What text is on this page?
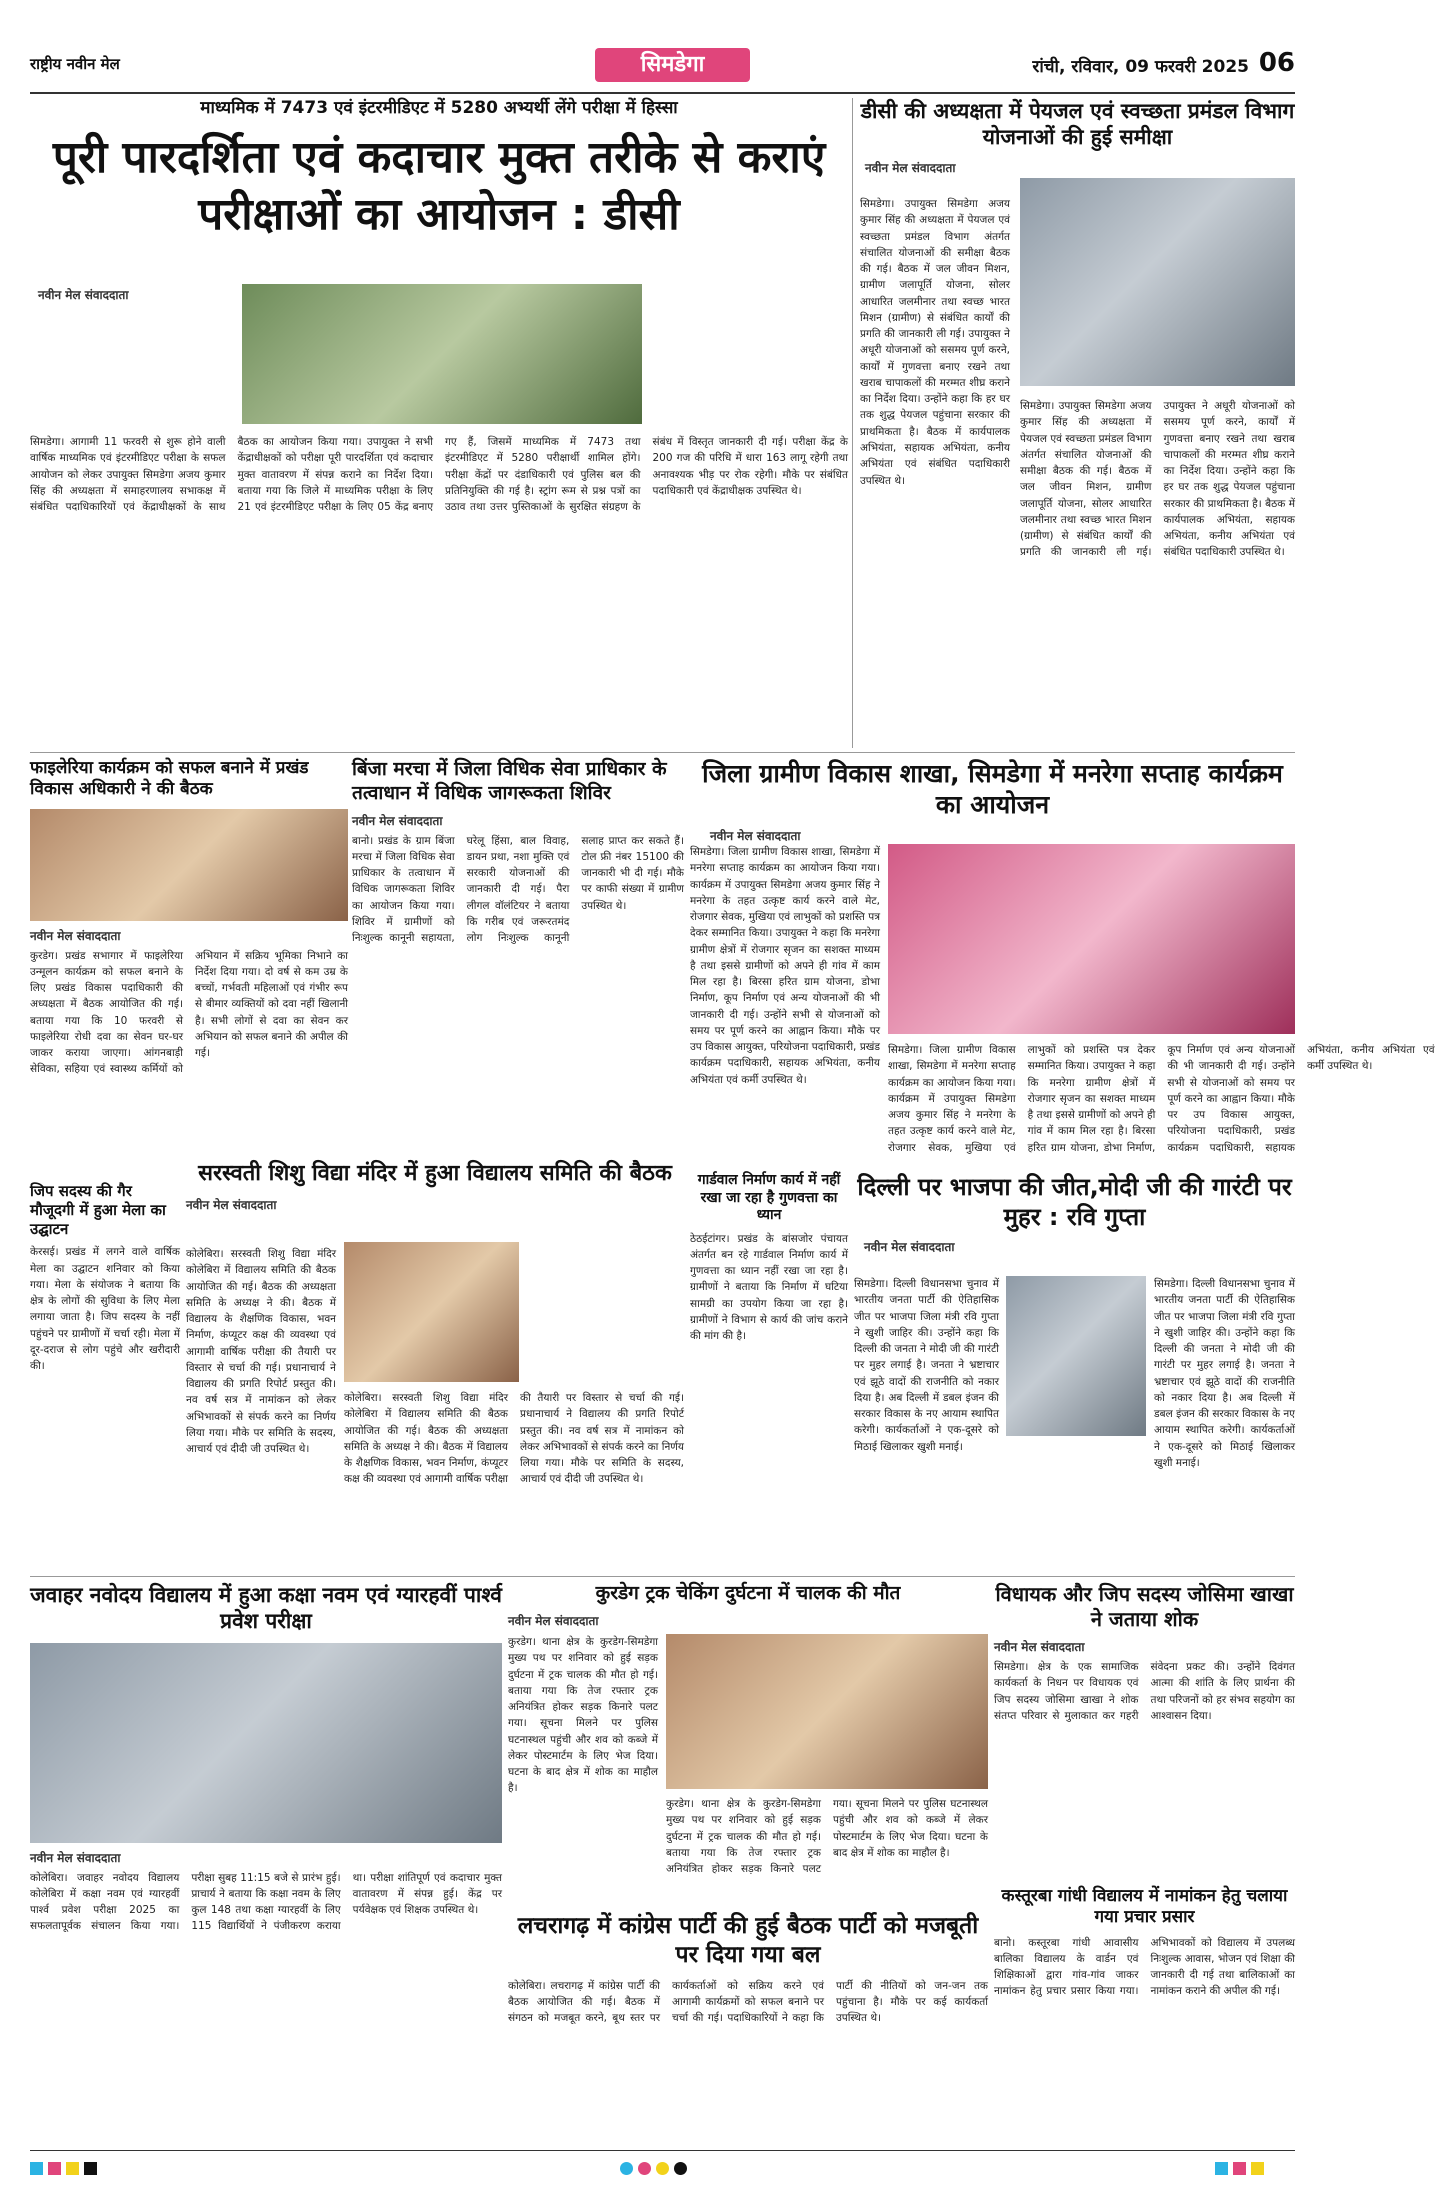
राष्ट्रीय नवीन मेल	सिमडेगा	रांची, रविवार, 09 फरवरी 2025 06
माध्यमिक में 7473 एवं इंटरमीडिएट में 5280 अभ्यर्थी लेंगे परीक्षा में हिस्सा
पूरी पारदर्शिता एवं कदाचार मुक्त तरीके से कराएं परीक्षाओं का आयोजन : डीसी
नवीन मेल संवाददाता
सिमडेगा। आगामी 11 फरवरी से शुरू होने वाली वार्षिक माध्यमिक एवं इंटरमीडिएट परीक्षा के सफल आयोजन को लेकर उपायुक्त सिमडेगा अजय कुमार सिंह की अध्यक्षता में समाहरणालय सभाकक्ष में संबंधित पदाधिकारियों एवं केंद्राधीक्षकों के साथ बैठक का आयोजन किया गया। उपायुक्त ने सभी केंद्राधीक्षकों को परीक्षा पूरी पारदर्शिता एवं कदाचार मुक्त वातावरण में संपन्न कराने का निर्देश दिया। बताया गया कि जिले में माध्यमिक परीक्षा के लिए 21 एवं इंटरमीडिएट परीक्षा के लिए 05 केंद्र बनाए गए हैं, जिसमें माध्यमिक में 7473 तथा इंटरमीडिएट में 5280 परीक्षार्थी शामिल होंगे। परीक्षा केंद्रों पर दंडाधिकारी एवं पुलिस बल की प्रतिनियुक्ति की गई है। स्ट्रांग रूम से प्रश्न पत्रों का उठाव तथा उत्तर पुस्तिकाओं के सुरक्षित संग्रहण के संबंध में विस्तृत जानकारी दी गई। परीक्षा केंद्र के 200 गज की परिधि में धारा 163 लागू रहेगी तथा अनावश्यक भीड़ पर रोक रहेगी। मौके पर संबंधित पदाधिकारी एवं केंद्राधीक्षक उपस्थित थे।
डीसी की अध्यक्षता में पेयजल एवं स्वच्छता प्रमंडल विभाग योजनाओं की हुई समीक्षा
नवीन मेल संवाददाता
सिमडेगा। उपायुक्त सिमडेगा अजय कुमार सिंह की अध्यक्षता में पेयजल एवं स्वच्छता प्रमंडल विभाग अंतर्गत संचालित योजनाओं की समीक्षा बैठक की गई। बैठक में जल जीवन मिशन, ग्रामीण जलापूर्ति योजना, सोलर आधारित जलमीनार तथा स्वच्छ भारत मिशन (ग्रामीण) से संबंधित कार्यों की प्रगति की जानकारी ली गई। उपायुक्त ने अधूरी योजनाओं को ससमय पूर्ण करने, कार्यों में गुणवत्ता बनाए रखने तथा खराब चापाकलों की मरम्मत शीघ्र कराने का निर्देश दिया। उन्होंने कहा कि हर घर तक शुद्ध पेयजल पहुंचाना सरकार की प्राथमिकता है। बैठक में कार्यपालक अभियंता, सहायक अभियंता, कनीय अभियंता एवं संबंधित पदाधिकारी उपस्थित थे।
सिमडेगा। उपायुक्त सिमडेगा अजय कुमार सिंह की अध्यक्षता में पेयजल एवं स्वच्छता प्रमंडल विभाग अंतर्गत संचालित योजनाओं की समीक्षा बैठक की गई। बैठक में जल जीवन मिशन, ग्रामीण जलापूर्ति योजना, सोलर आधारित जलमीनार तथा स्वच्छ भारत मिशन (ग्रामीण) से संबंधित कार्यों की प्रगति की जानकारी ली गई। उपायुक्त ने अधूरी योजनाओं को ससमय पूर्ण करने, कार्यों में गुणवत्ता बनाए रखने तथा खराब चापाकलों की मरम्मत शीघ्र कराने का निर्देश दिया। उन्होंने कहा कि हर घर तक शुद्ध पेयजल पहुंचाना सरकार की प्राथमिकता है। बैठक में कार्यपालक अभियंता, सहायक अभियंता, कनीय अभियंता एवं संबंधित पदाधिकारी उपस्थित थे।
फाइलेरिया कार्यक्रम को सफल बनाने में प्रखंड विकास अधिकारी ने की बैठक
नवीन मेल संवाददाता
कुरडेग। प्रखंड सभागार में फाइलेरिया उन्मूलन कार्यक्रम को सफल बनाने के लिए प्रखंड विकास पदाधिकारी की अध्यक्षता में बैठक आयोजित की गई। बताया गया कि 10 फरवरी से फाइलेरिया रोधी दवा का सेवन घर-घर जाकर कराया जाएगा। आंगनबाड़ी सेविका, सहिया एवं स्वास्थ्य कर्मियों को अभियान में सक्रिय भूमिका निभाने का निर्देश दिया गया। दो वर्ष से कम उम्र के बच्चों, गर्भवती महिलाओं एवं गंभीर रूप से बीमार व्यक्तियों को दवा नहीं खिलानी है। सभी लोगों से दवा का सेवन कर अभियान को सफल बनाने की अपील की गई।
जिप सदस्य की गैर मौजूदगी में हुआ मेला का उद्घाटन
केरसई। प्रखंड में लगने वाले वार्षिक मेला का उद्घाटन शनिवार को किया गया। मेला के संयोजक ने बताया कि क्षेत्र के लोगों की सुविधा के लिए मेला लगाया जाता है। जिप सदस्य के नहीं पहुंचने पर ग्रामीणों में चर्चा रही। मेला में दूर-दराज से लोग पहुंचे और खरीदारी की।
बिंजा मरचा में जिला विधिक सेवा प्राधिकार के तत्वाधान में विधिक जागरूकता शिविर
नवीन मेल संवाददाता
बानो। प्रखंड के ग्राम बिंजा मरचा में जिला विधिक सेवा प्राधिकार के तत्वाधान में विधिक जागरूकता शिविर का आयोजन किया गया। शिविर में ग्रामीणों को निःशुल्क कानूनी सहायता, घरेलू हिंसा, बाल विवाह, डायन प्रथा, नशा मुक्ति एवं सरकारी योजनाओं की जानकारी दी गई। पैरा लीगल वॉलंटियर ने बताया कि गरीब एवं जरूरतमंद लोग निःशुल्क कानूनी सलाह प्राप्त कर सकते हैं। टोल फ्री नंबर 15100 की जानकारी भी दी गई। मौके पर काफी संख्या में ग्रामीण उपस्थित थे।
जिला ग्रामीण विकास शाखा, सिमडेगा में मनरेगा सप्ताह कार्यक्रम का आयोजन
नवीन मेल संवाददाता
सिमडेगा। जिला ग्रामीण विकास शाखा, सिमडेगा में मनरेगा सप्ताह कार्यक्रम का आयोजन किया गया। कार्यक्रम में उपायुक्त सिमडेगा अजय कुमार सिंह ने मनरेगा के तहत उत्कृष्ट कार्य करने वाले मेट, रोजगार सेवक, मुखिया एवं लाभुकों को प्रशस्ति पत्र देकर सम्मानित किया। उपायुक्त ने कहा कि मनरेगा ग्रामीण क्षेत्रों में रोजगार सृजन का सशक्त माध्यम है तथा इससे ग्रामीणों को अपने ही गांव में काम मिल रहा है। बिरसा हरित ग्राम योजना, डोभा निर्माण, कूप निर्माण एवं अन्य योजनाओं की भी जानकारी दी गई। उन्होंने सभी से योजनाओं को समय पर पूर्ण करने का आह्वान किया। मौके पर उप विकास आयुक्त, परियोजना पदाधिकारी, प्रखंड कार्यक्रम पदाधिकारी, सहायक अभियंता, कनीय अभियंता एवं कर्मी उपस्थित थे।
सिमडेगा। जिला ग्रामीण विकास शाखा, सिमडेगा में मनरेगा सप्ताह कार्यक्रम का आयोजन किया गया। कार्यक्रम में उपायुक्त सिमडेगा अजय कुमार सिंह ने मनरेगा के तहत उत्कृष्ट कार्य करने वाले मेट, रोजगार सेवक, मुखिया एवं लाभुकों को प्रशस्ति पत्र देकर सम्मानित किया। उपायुक्त ने कहा कि मनरेगा ग्रामीण क्षेत्रों में रोजगार सृजन का सशक्त माध्यम है तथा इससे ग्रामीणों को अपने ही गांव में काम मिल रहा है। बिरसा हरित ग्राम योजना, डोभा निर्माण, कूप निर्माण एवं अन्य योजनाओं की भी जानकारी दी गई। उन्होंने सभी से योजनाओं को समय पर पूर्ण करने का आह्वान किया। मौके पर उप विकास आयुक्त, परियोजना पदाधिकारी, प्रखंड कार्यक्रम पदाधिकारी, सहायक अभियंता, कनीय अभियंता एवं कर्मी उपस्थित थे।
सरस्वती शिशु विद्या मंदिर में हुआ विद्यालय समिति की बैठक
नवीन मेल संवाददाता
कोलेबिरा। सरस्वती शिशु विद्या मंदिर कोलेबिरा में विद्यालय समिति की बैठक आयोजित की गई। बैठक की अध्यक्षता समिति के अध्यक्ष ने की। बैठक में विद्यालय के शैक्षणिक विकास, भवन निर्माण, कंप्यूटर कक्ष की व्यवस्था एवं आगामी वार्षिक परीक्षा की तैयारी पर विस्तार से चर्चा की गई। प्रधानाचार्य ने विद्यालय की प्रगति रिपोर्ट प्रस्तुत की। नव वर्ष सत्र में नामांकन को लेकर अभिभावकों से संपर्क करने का निर्णय लिया गया। मौके पर समिति के सदस्य, आचार्य एवं दीदी जी उपस्थित थे।
कोलेबिरा। सरस्वती शिशु विद्या मंदिर कोलेबिरा में विद्यालय समिति की बैठक आयोजित की गई। बैठक की अध्यक्षता समिति के अध्यक्ष ने की। बैठक में विद्यालय के शैक्षणिक विकास, भवन निर्माण, कंप्यूटर कक्ष की व्यवस्था एवं आगामी वार्षिक परीक्षा की तैयारी पर विस्तार से चर्चा की गई। प्रधानाचार्य ने विद्यालय की प्रगति रिपोर्ट प्रस्तुत की। नव वर्ष सत्र में नामांकन को लेकर अभिभावकों से संपर्क करने का निर्णय लिया गया। मौके पर समिति के सदस्य, आचार्य एवं दीदी जी उपस्थित थे।
गार्डवाल निर्माण कार्य में नहीं रखा जा रहा है गुणवत्ता का ध्यान
ठेठईटांगर। प्रखंड के बांसजोर पंचायत अंतर्गत बन रहे गार्डवाल निर्माण कार्य में गुणवत्ता का ध्यान नहीं रखा जा रहा है। ग्रामीणों ने बताया कि निर्माण में घटिया सामग्री का उपयोग किया जा रहा है। ग्रामीणों ने विभाग से कार्य की जांच कराने की मांग की है।
दिल्ली पर भाजपा की जीत,मोदी जी की गारंटी पर मुहर : रवि गुप्ता
नवीन मेल संवाददाता
सिमडेगा। दिल्ली विधानसभा चुनाव में भारतीय जनता पार्टी की ऐतिहासिक जीत पर भाजपा जिला मंत्री रवि गुप्ता ने खुशी जाहिर की। उन्होंने कहा कि दिल्ली की जनता ने मोदी जी की गारंटी पर मुहर लगाई है। जनता ने भ्रष्टाचार एवं झूठे वादों की राजनीति को नकार दिया है। अब दिल्ली में डबल इंजन की सरकार विकास के नए आयाम स्थापित करेगी। कार्यकर्ताओं ने एक-दूसरे को मिठाई खिलाकर खुशी मनाई।
सिमडेगा। दिल्ली विधानसभा चुनाव में भारतीय जनता पार्टी की ऐतिहासिक जीत पर भाजपा जिला मंत्री रवि गुप्ता ने खुशी जाहिर की। उन्होंने कहा कि दिल्ली की जनता ने मोदी जी की गारंटी पर मुहर लगाई है। जनता ने भ्रष्टाचार एवं झूठे वादों की राजनीति को नकार दिया है। अब दिल्ली में डबल इंजन की सरकार विकास के नए आयाम स्थापित करेगी। कार्यकर्ताओं ने एक-दूसरे को मिठाई खिलाकर खुशी मनाई।
जवाहर नवोदय विद्यालय में हुआ कक्षा नवम एवं ग्यारहवीं पार्श्व प्रवेश परीक्षा
नवीन मेल संवाददाता
कोलेबिरा। जवाहर नवोदय विद्यालय कोलेबिरा में कक्षा नवम एवं ग्यारहवीं पार्श्व प्रवेश परीक्षा 2025 का सफलतापूर्वक संचालन किया गया। परीक्षा सुबह 11:15 बजे से प्रारंभ हुई। प्राचार्य ने बताया कि कक्षा नवम के लिए कुल 148 तथा कक्षा ग्यारहवीं के लिए 115 विद्यार्थियों ने पंजीकरण कराया था। परीक्षा शांतिपूर्ण एवं कदाचार मुक्त वातावरण में संपन्न हुई। केंद्र पर पर्यवेक्षक एवं शिक्षक उपस्थित थे।
कुरडेग ट्रक चेकिंग दुर्घटना में चालक की मौत
नवीन मेल संवाददाता
कुरडेग। थाना क्षेत्र के कुरडेग-सिमडेगा मुख्य पथ पर शनिवार को हुई सड़क दुर्घटना में ट्रक चालक की मौत हो गई। बताया गया कि तेज रफ्तार ट्रक अनियंत्रित होकर सड़क किनारे पलट गया। सूचना मिलने पर पुलिस घटनास्थल पहुंची और शव को कब्जे में लेकर पोस्टमार्टम के लिए भेज दिया। घटना के बाद क्षेत्र में शोक का माहौल है।
कुरडेग। थाना क्षेत्र के कुरडेग-सिमडेगा मुख्य पथ पर शनिवार को हुई सड़क दुर्घटना में ट्रक चालक की मौत हो गई। बताया गया कि तेज रफ्तार ट्रक अनियंत्रित होकर सड़क किनारे पलट गया। सूचना मिलने पर पुलिस घटनास्थल पहुंची और शव को कब्जे में लेकर पोस्टमार्टम के लिए भेज दिया। घटना के बाद क्षेत्र में शोक का माहौल है।
लचरागढ़ में कांग्रेस पार्टी की हुई बैठक पार्टी को मजबूती पर दिया गया बल
कोलेबिरा। लचरागढ़ में कांग्रेस पार्टी की बैठक आयोजित की गई। बैठक में संगठन को मजबूत करने, बूथ स्तर पर कार्यकर्ताओं को सक्रिय करने एवं आगामी कार्यक्रमों को सफल बनाने पर चर्चा की गई। पदाधिकारियों ने कहा कि पार्टी की नीतियों को जन-जन तक पहुंचाना है। मौके पर कई कार्यकर्ता उपस्थित थे।
विधायक और जिप सदस्य जोसिमा खाखा ने जताया शोक
नवीन मेल संवाददाता
सिमडेगा। क्षेत्र के एक सामाजिक कार्यकर्ता के निधन पर विधायक एवं जिप सदस्य जोसिमा खाखा ने शोक संतप्त परिवार से मुलाकात कर गहरी संवेदना प्रकट की। उन्होंने दिवंगत आत्मा की शांति के लिए प्रार्थना की तथा परिजनों को हर संभव सहयोग का आश्वासन दिया।
कस्तूरबा गांधी विद्यालय में नामांकन हेतु चलाया गया प्रचार प्रसार
बानो। कस्तूरबा गांधी आवासीय बालिका विद्यालय के वार्डन एवं शिक्षिकाओं द्वारा गांव-गांव जाकर नामांकन हेतु प्रचार प्रसार किया गया। अभिभावकों को विद्यालय में उपलब्ध निःशुल्क आवास, भोजन एवं शिक्षा की जानकारी दी गई तथा बालिकाओं का नामांकन कराने की अपील की गई।
